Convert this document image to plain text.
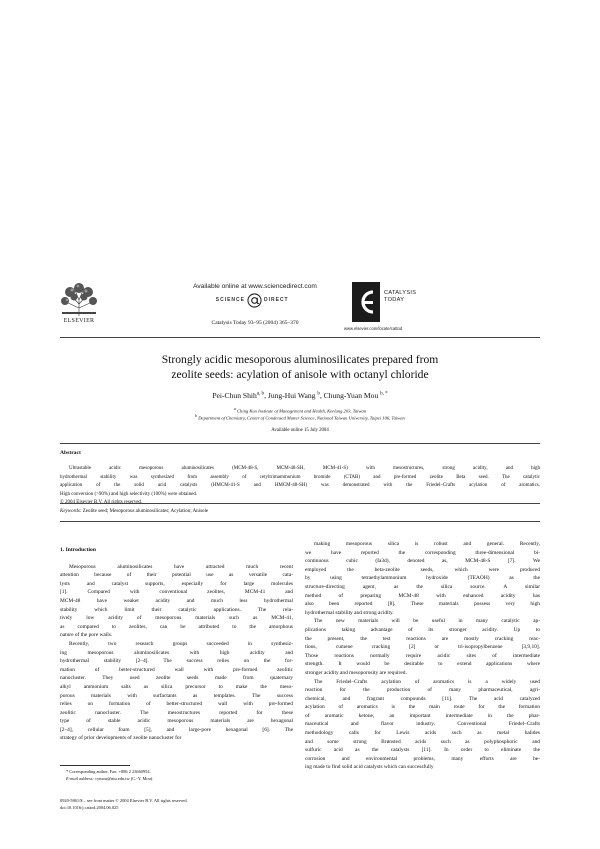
ELSEVIER
Available online at www.sciencedirect.com
SCIENCE	DIRECT
Catalysis Today 93–95 (2004) 365–370
CATALYSIS
TODAY
www.elsevier.com/locate/cattod
Strongly acidic mesoporous aluminosilicates prepared from
zeolite seeds: acylation of anisole with octanyl chloride
Pei-Chun Shih$^{a, b}$, Jung-Hui Wang $^b$, Chung-Yuan Mou $^{b, *}$
$^a$ Ching Kuo Institute of Management and Health, Keelung 203, Taiwan
$^b$ Department of Chemistry, Center of Condensed Matter Science, National Taiwan University, Taipei 106, Taiwan
Available online 15 July 2004
Abstract
Ultrastable acidic mesoporous aluminosilicates (MCM-48-S, MCM-48-SH, MCM-41-S) with mesostructures, strong acidity, and high
hydrothermal stability was synthesized from assembly of cetyltrimammonium bromide (CTAB) and pre-formed zeolite Beta seed. The catalytic
application of the solid acid catalysts (HMCM-41-S and HMCM-48-SH) was demonstrated with the Friedel–Crafts acylation of aromatics.
High conversion (>90%) and high selectivity (100%) were obtained.
© 2004 Elsevier B.V. All rights reserved.
Keywords: Zeolite seed; Mesoporous aluminosilicates; Acylation; Anisole
1. Introduction
Mesoporous aluminosilicates have attracted much recent
attention because of their potential use as versatile cata-
lysts and catalyst supports, especially for large molecules
[1]. Compared with conventional zeolites, MCM-41 and
MCM-48 have weaker acidity and much less hydrothermal
stability which limit their catalytic applications. The rela-
tively low acidity of mesoporous materials such as MCM-41,
as compared to zeolites, can be attributed to the amorphous
nature of the pore walls.
Recently, two research groups succeeded in synthesiz-
ing mesoporous aluminosilicates with high acidity and
hydrothermal stability [2–4]. The success relies on the for-
mation of better-structured wall with pre-formed zeolitic
nanocluster. They used zeolite seeds made from quaternary
alkyl ammonium salts as silica precursor to make the meso-
porous materials with surfactants as templates. The success
relies on formation of better-structured wall with pre-formed
zeolitic nanocluster. The mesostructures reported for these
type of stable acidic mesoporous materials are hexagonal
[2–4], cellular foam [5], and large-pore hexagonal [6]. The
strategy of prior developments of zeolite nanocluster for
making mesoporous silica is robust and general. Recently,
we have reported the corresponding three-dimensional bi-
continuous cubic (Ia3d), denoted as, MCM-48-S [7]. We
employed the beta-zeolite seeds, which were produced
by using tetraethylammonium hydroxide (TEAOH) as the
structure-directing agent, as the silica source. A similar
method of preparing MCM-48 with enhanced acidity has
also been reported [8]. These materials possess very high
hydrothermal stability and strong acidity.
The new materials will be useful in many catalytic ap-
plications taking advantage of its stronger acidity. Up to
the present, the test reactions are mostly cracking reac-
tions, cumene cracking [2] or tri-isopropylbenzene [3,9,10].
Those reactions normally require acidic sites of intermediate
strength. It would be desirable to extend applications where
stronger acidity and mesoporosity are required.
The Friedel–Crafts acylation of aromatics is a widely used
reaction for the production of many pharmaceutical, agri-
chemical, and fragrant compounds [11]. The acid catalyzed
acylation of aromatics is the main route for the formation
of aromatic ketone, an important intermediate in the phar-
maceutical and flavor industry. Conventional Friedel–Crafts
methodology calls for Lewis acids such as metal halides
and some strong Brønsted acids such as polyphosphoric and
sulfuric acid as the catalysts [11]. In order to eliminate the
corrosion and environmental problems, many efforts are be-
ing made to find solid acid catalysts which can successfully
* Corresponding author. Fax: +886 2 23660954.
E-mail address: cymou@ntu.edu.tw (C.-Y. Mou).
0920-5861/$ – see front matter © 2004 Elsevier B.V. All rights reserved.
doi:10.1016/j.cattod.2004.06.025
